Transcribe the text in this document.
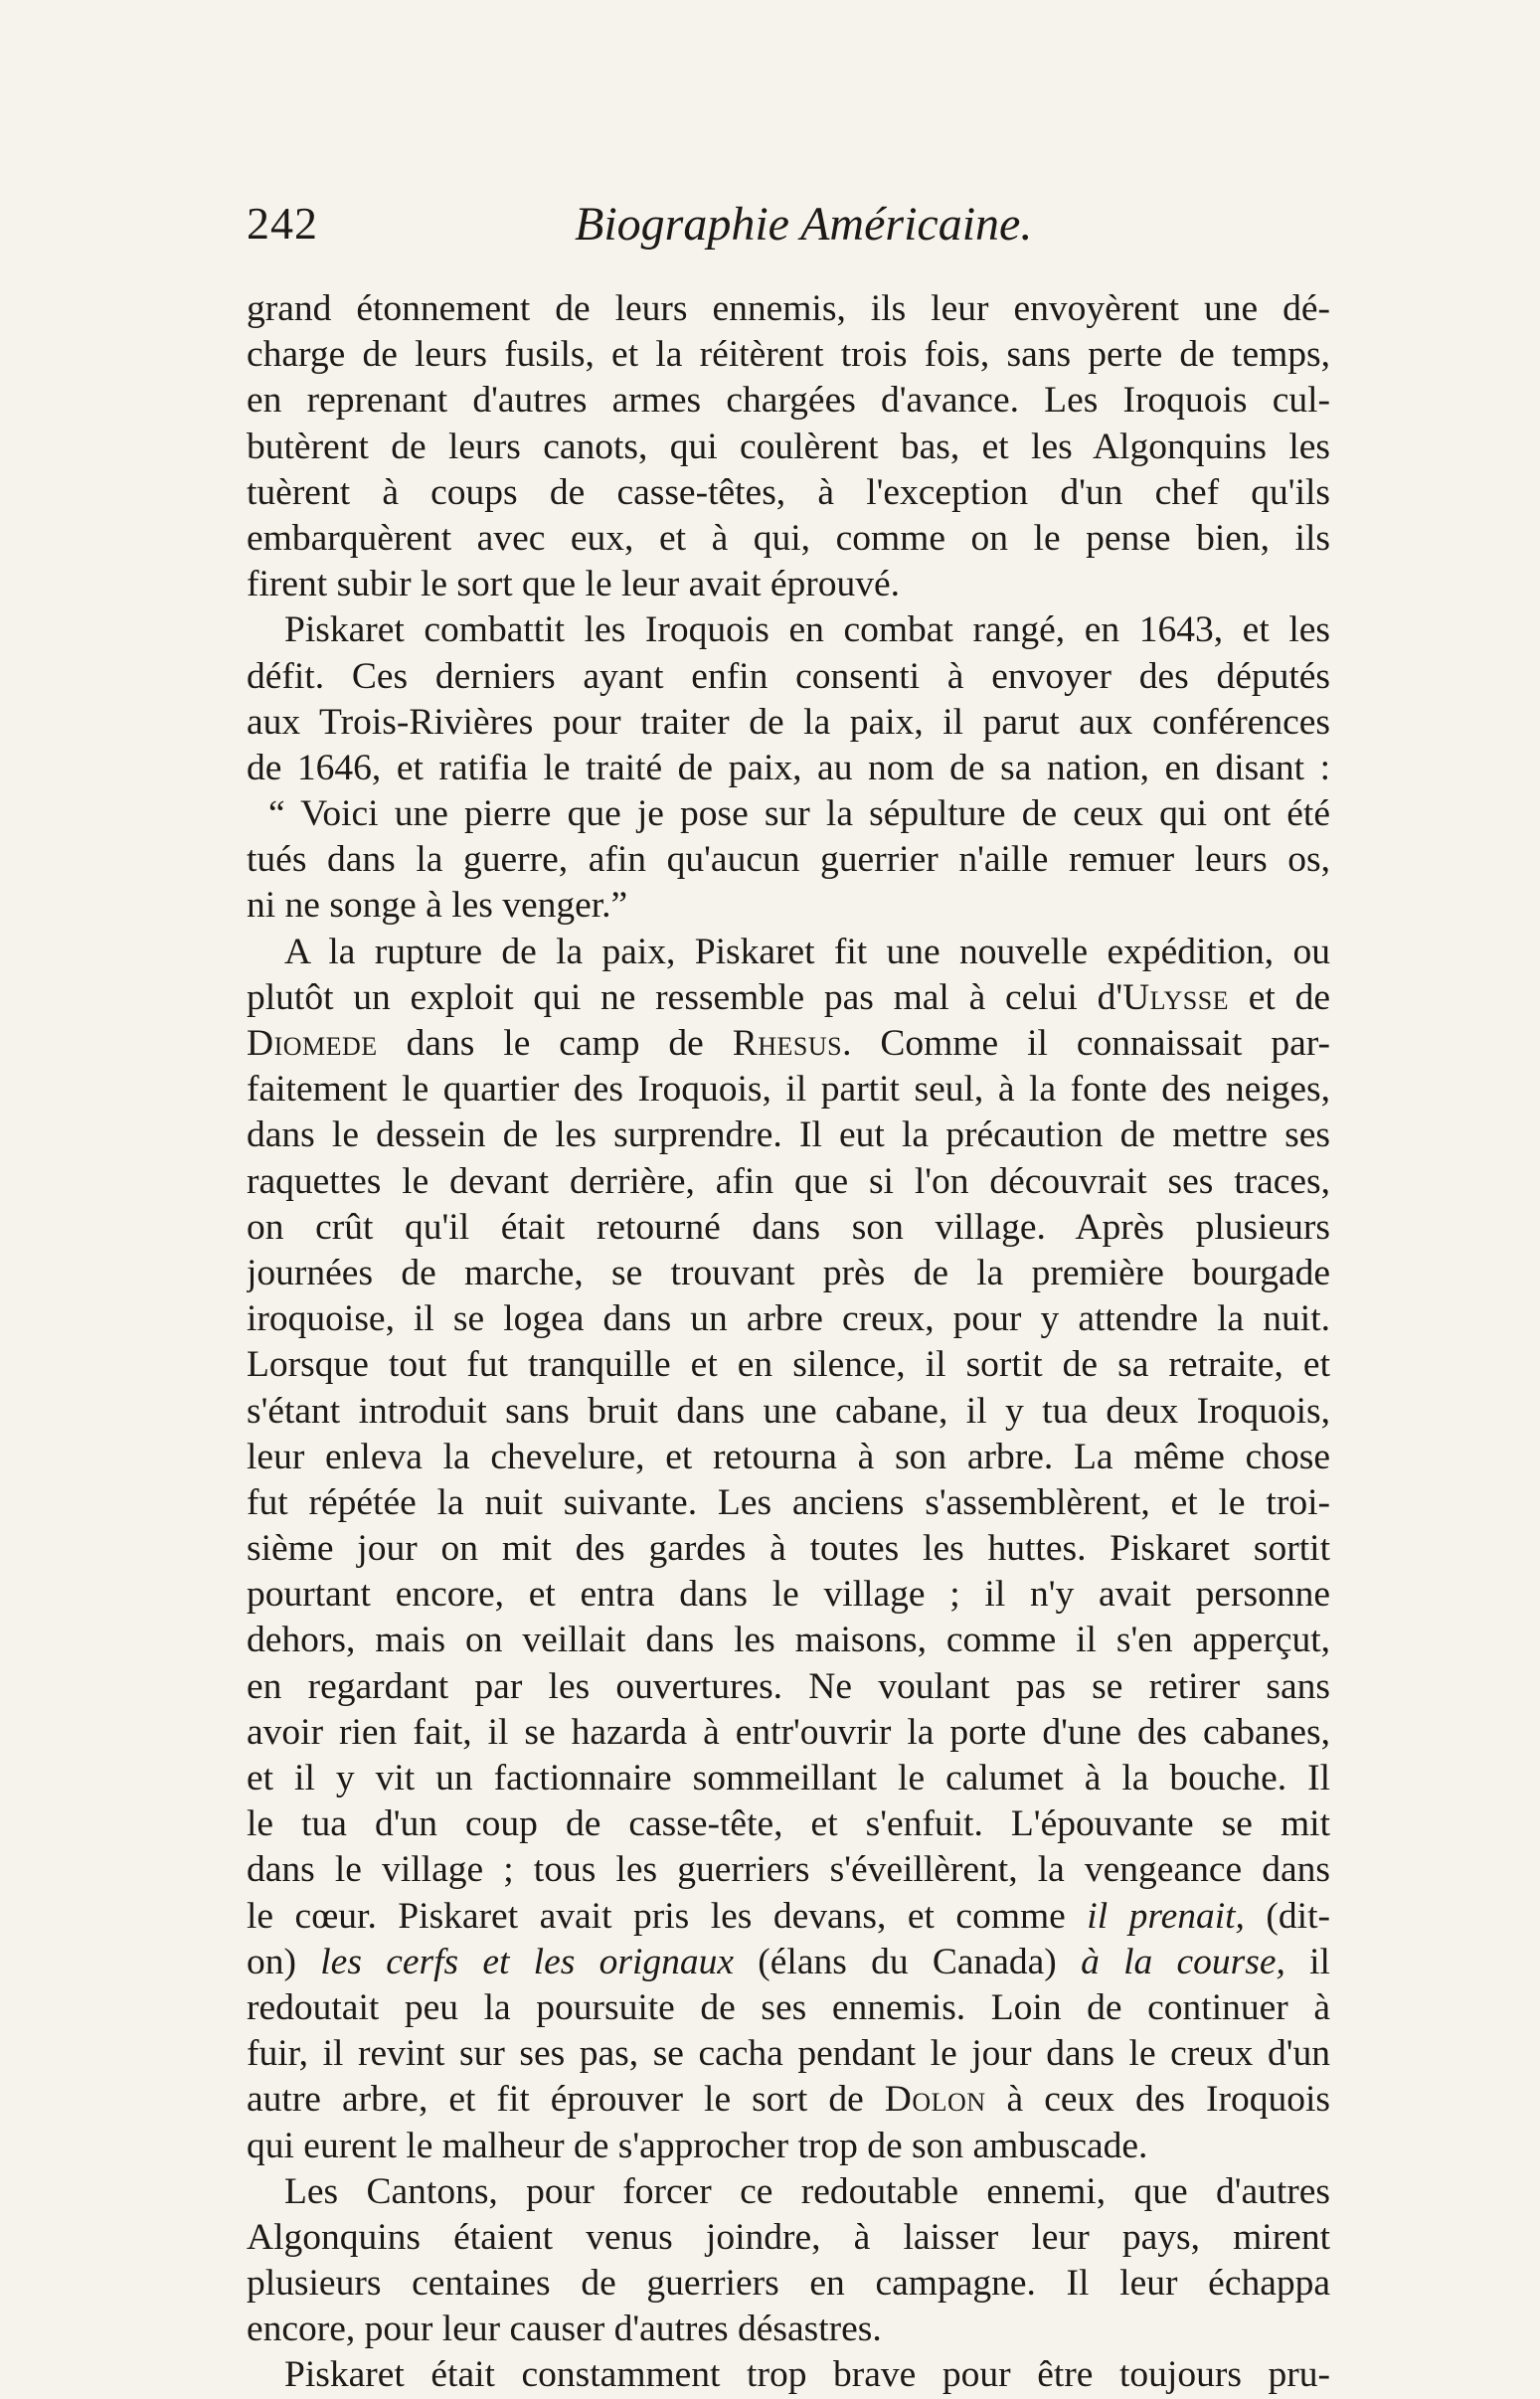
242	Biographie Américaine.
grand étonnement de leurs ennemis, ils leur envoyèrent une dé-
charge de leurs fusils, et la réitèrent trois fois, sans perte de temps,
en reprenant d'autres armes chargées d'avance. Les Iroquois cul-
butèrent de leurs canots, qui coulèrent bas, et les Algonquins les
tuèrent à coups de casse-têtes, à l'exception d'un chef qu'ils
embarquèrent avec eux, et à qui, comme on le pense bien, ils
firent subir le sort que le leur avait éprouvé.
Piskaret combattit les Iroquois en combat rangé, en 1643, et les
défit. Ces derniers ayant enfin consenti à envoyer des députés
aux Trois-Rivières pour traiter de la paix, il parut aux conférences
de 1646, et ratifia le traité de paix, au nom de sa nation, en disant :
“ Voici une pierre que je pose sur la sépulture de ceux qui ont été
tués dans la guerre, afin qu'aucun guerrier n'aille remuer leurs os,
ni ne songe à les venger.”
A la rupture de la paix, Piskaret fit une nouvelle expédition, ou
plutôt un exploit qui ne ressemble pas mal à celui d'Ulysse et de
Diomede dans le camp de Rhesus. Comme il connaissait par-
faitement le quartier des Iroquois, il partit seul, à la fonte des neiges,
dans le dessein de les surprendre. Il eut la précaution de mettre ses
raquettes le devant derrière, afin que si l'on découvrait ses traces,
on crût qu'il était retourné dans son village. Après plusieurs
journées de marche, se trouvant près de la première bourgade
iroquoise, il se logea dans un arbre creux, pour y attendre la nuit.
Lorsque tout fut tranquille et en silence, il sortit de sa retraite, et
s'étant introduit sans bruit dans une cabane, il y tua deux Iroquois,
leur enleva la chevelure, et retourna à son arbre. La même chose
fut répétée la nuit suivante. Les anciens s'assemblèrent, et le troi-
sième jour on mit des gardes à toutes les huttes. Piskaret sortit
pourtant encore, et entra dans le village ; il n'y avait personne
dehors, mais on veillait dans les maisons, comme il s'en apperçut,
en regardant par les ouvertures. Ne voulant pas se retirer sans
avoir rien fait, il se hazarda à entr'ouvrir la porte d'une des cabanes,
et il y vit un factionnaire sommeillant le calumet à la bouche. Il
le tua d'un coup de casse-tête, et s'enfuit. L'épouvante se mit
dans le village ; tous les guerriers s'éveillèrent, la vengeance dans
le cœur. Piskaret avait pris les devans, et comme il prenait, (dit-
on) les cerfs et les orignaux (élans du Canada) à la course, il
redoutait peu la poursuite de ses ennemis. Loin de continuer à
fuir, il revint sur ses pas, se cacha pendant le jour dans le creux d'un
autre arbre, et fit éprouver le sort de Dolon à ceux des Iroquois
qui eurent le malheur de s'approcher trop de son ambuscade.
Les Cantons, pour forcer ce redoutable ennemi, que d'autres
Algonquins étaient venus joindre, à laisser leur pays, mirent
plusieurs centaines de guerriers en campagne. Il leur échappa
encore, pour leur causer d'autres désastres.
Piskaret était constamment trop brave pour être toujours pru-
